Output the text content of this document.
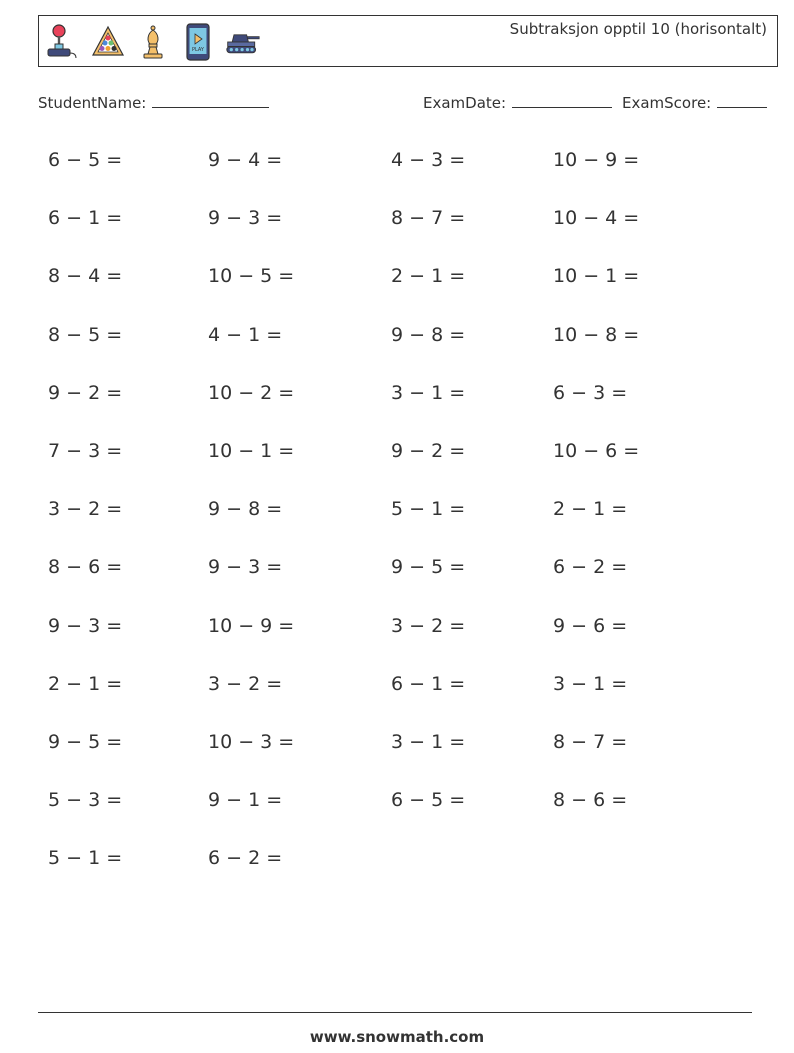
PLAY
Subtraksjon opptil 10 (horisontalt)
StudentName:	ExamDate:	ExamScore:
6 − 5 =	9 − 4 =	4 − 3 =	10 − 9 =
6 − 1 =	9 − 3 =	8 − 7 =	10 − 4 =
8 − 4 =	10 − 5 =	2 − 1 =	10 − 1 =
8 − 5 =	4 − 1 =	9 − 8 =	10 − 8 =
9 − 2 =	10 − 2 =	3 − 1 =	6 − 3 =
7 − 3 =	10 − 1 =	9 − 2 =	10 − 6 =
3 − 2 =	9 − 8 =	5 − 1 =	2 − 1 =
8 − 6 =	9 − 3 =	9 − 5 =	6 − 2 =
9 − 3 =	10 − 9 =	3 − 2 =	9 − 6 =
2 − 1 =	3 − 2 =	6 − 1 =	3 − 1 =
9 − 5 =	10 − 3 =	3 − 1 =	8 − 7 =
5 − 3 =	9 − 1 =	6 − 5 =	8 − 6 =
5 − 1 =	6 − 2 =
www.snowmath.com
